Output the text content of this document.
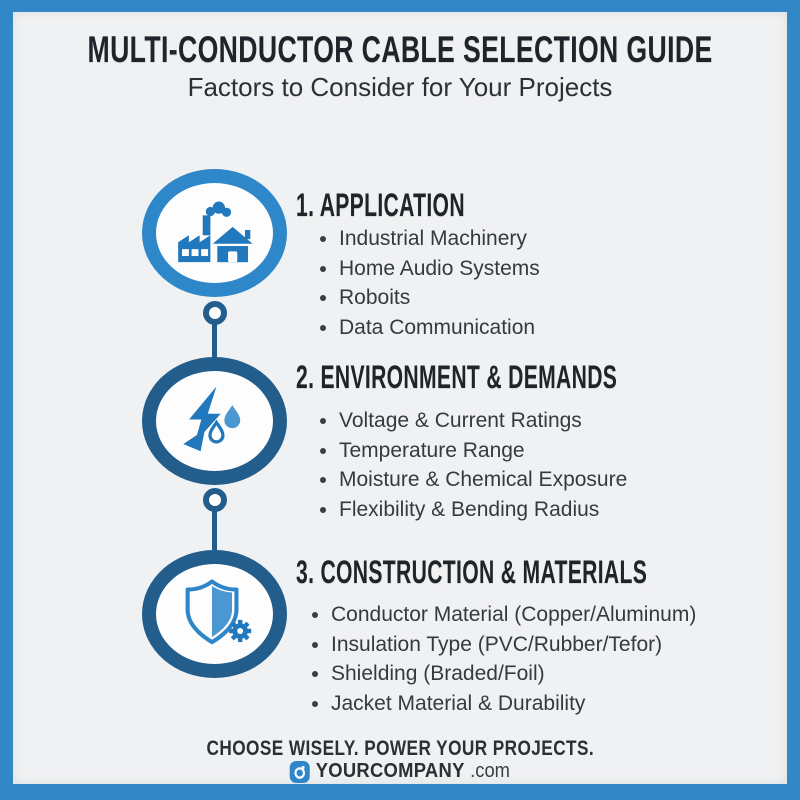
MULTI-CONDUCTOR CABLE SELECTION GUIDE
Factors to Consider for Your Projects
1. APPLICATION
2. ENVIRONMENT & DEMANDS
3. CONSTRUCTION & MATERIALS
Industrial Machinery
Home Audio Systems
Roboits
Data Communication
Voltage & Current Ratings
Temperature Range
Moisture & Chemical Exposure
Flexibility & Bending Radius
Conductor Material (Copper/Aluminum)
Insulation Type (PVC/Rubber/Tefor)
Shielding (Braded/Foil)
Jacket Material & Durability
CHOOSE WISELY. POWER YOUR PROJECTS.
YOURCOMPANY .com
